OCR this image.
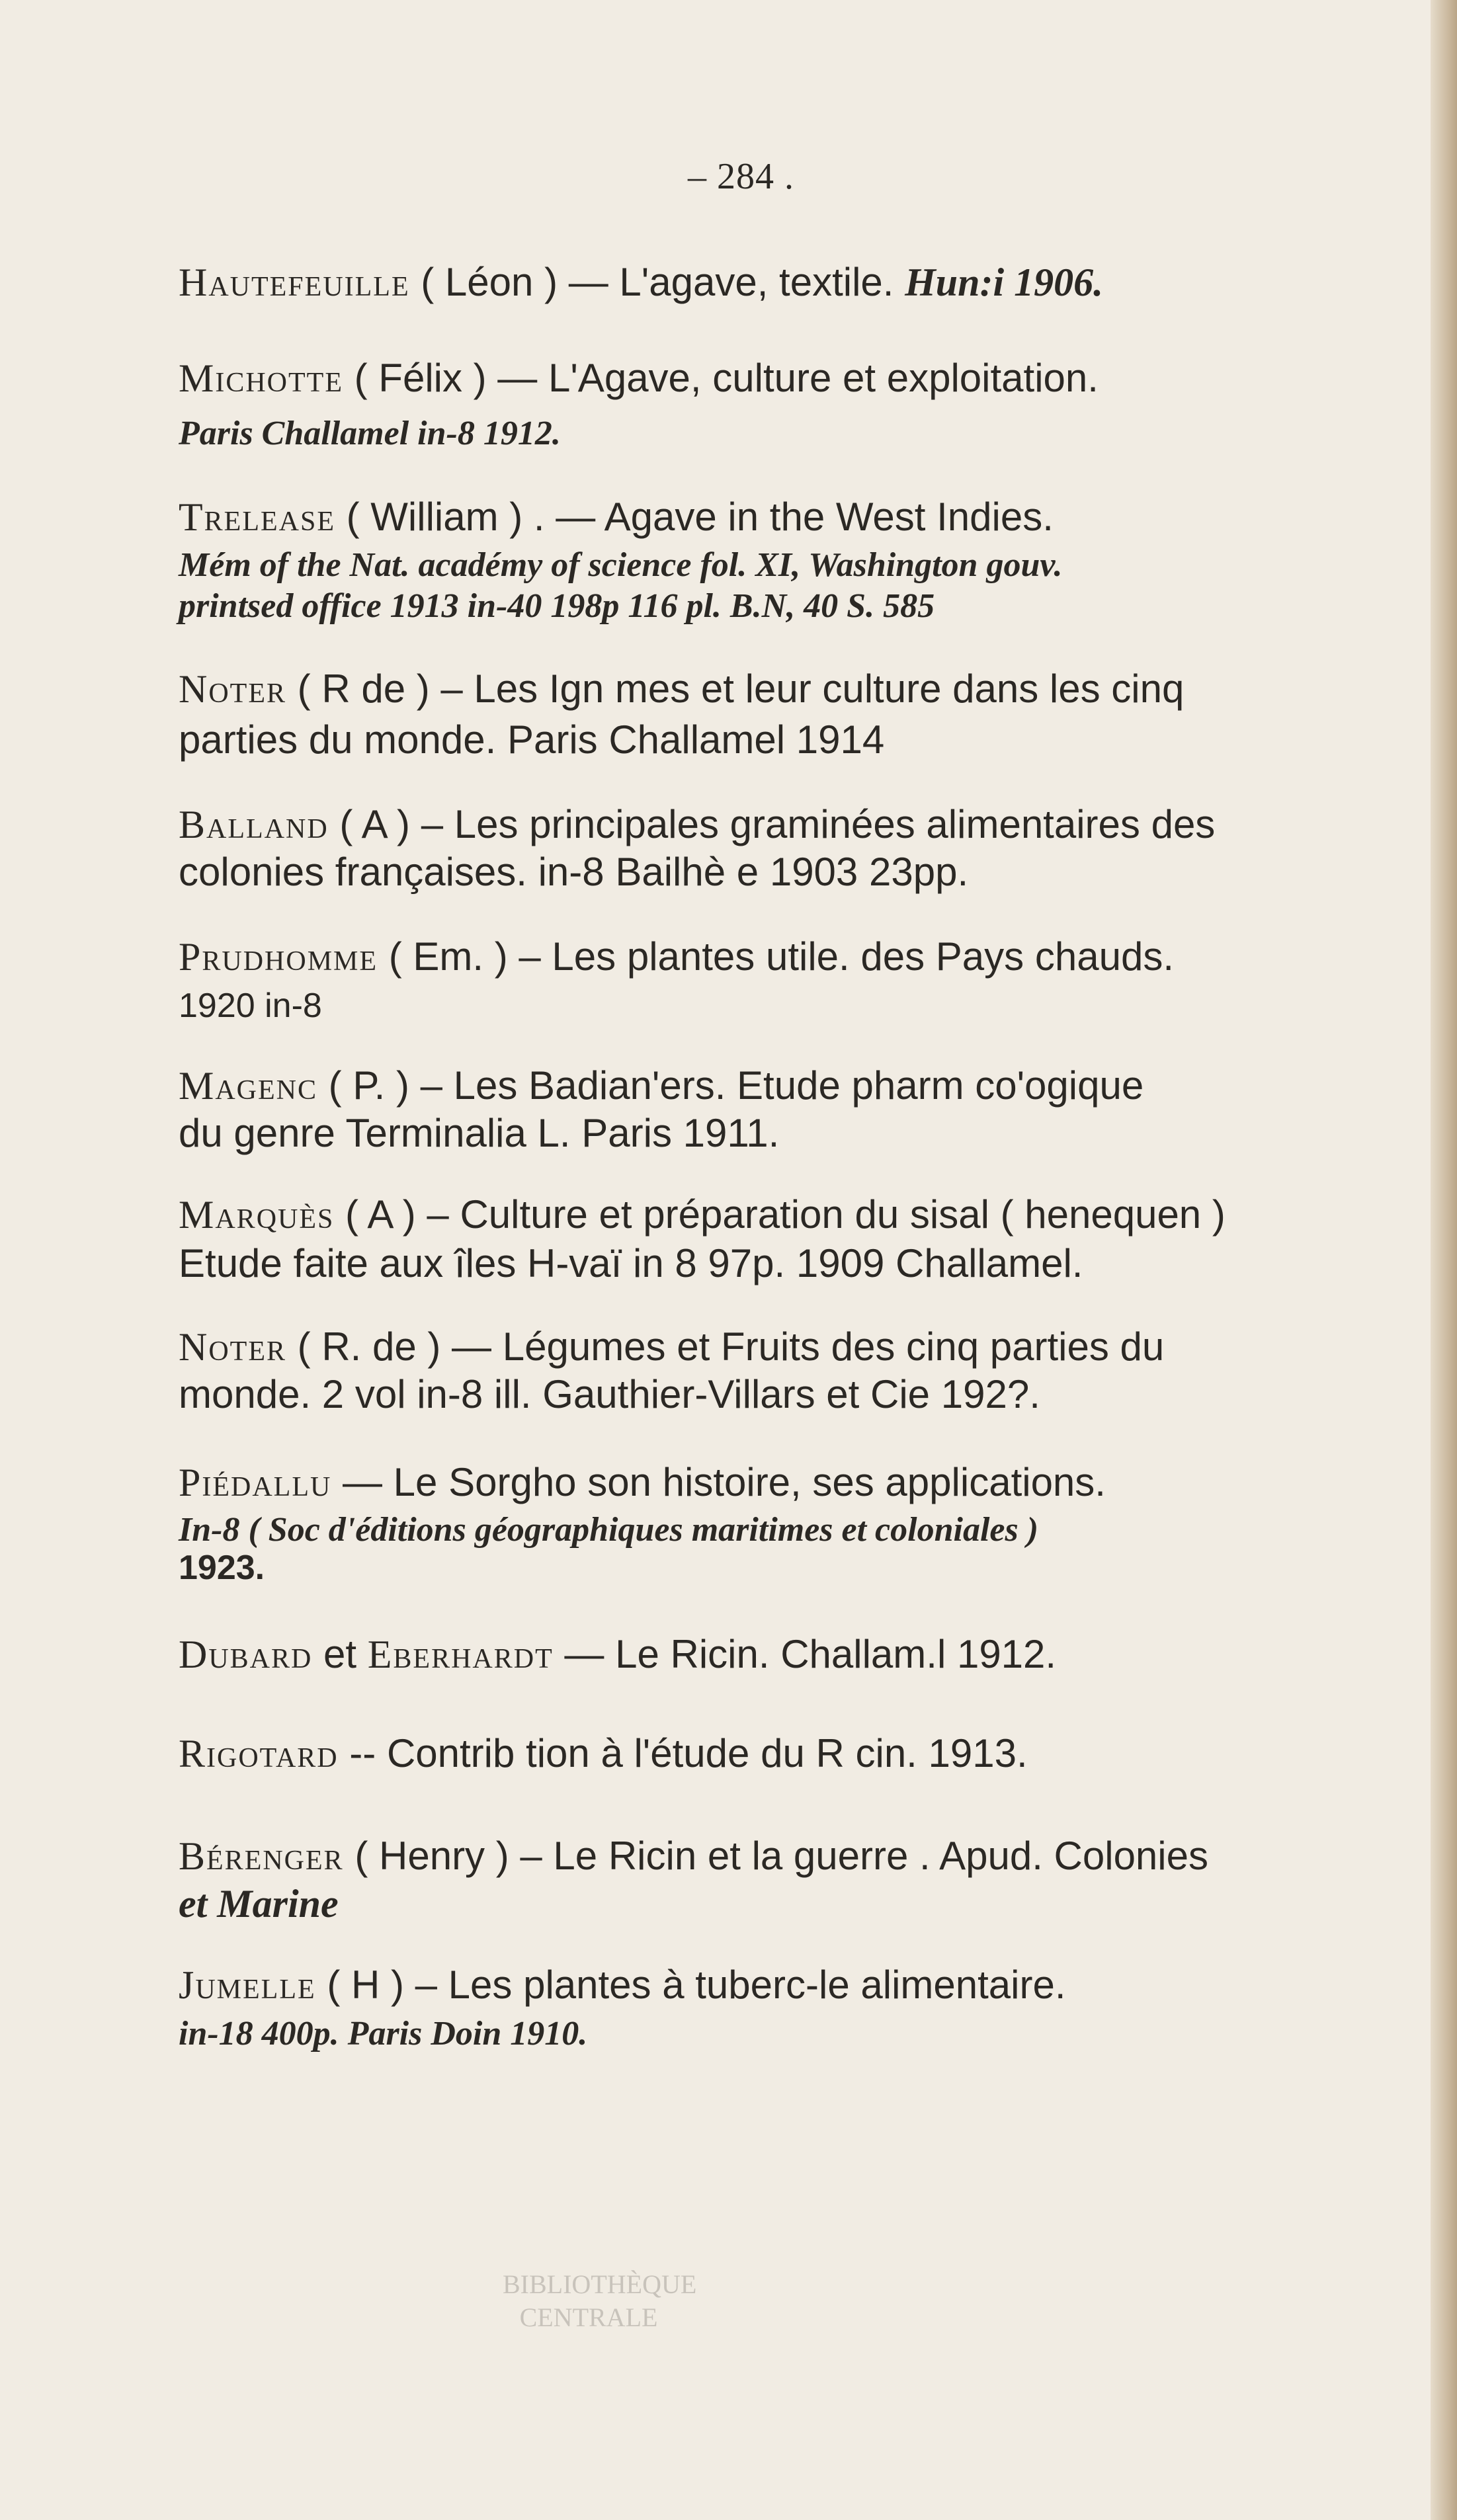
– 284 .
Hautefeuille ( Léon ) — L'agave, textile. Hun:i 1906.
Michotte ( Félix ) — L'Agave, culture et exploitation.
Paris Challamel in-8 1912.
Trelease ( William ) . — Agave in the West Indies.
Mém of the Nat. académy of science fol. XI, Washington gouv.
printsed office 1913 in-40 198p 116 pl. B.N, 40 S. 585
Noter ( R de ) – Les Ign mes et leur culture dans les cinq
parties du monde. Paris Challamel 1914
Balland ( A ) – Les principales graminées alimentaires des
colonies françaises. in-8 Bailhè e 1903 23pp.
Prudhomme ( Em. ) – Les plantes utile. des Pays chauds.
1920 in-8
Magenc ( P. ) – Les Badian'ers. Etude pharm co'ogique
du genre Terminalia L. Paris 1911.
Marquès ( A ) – Culture et préparation du sisal ( henequen )
Etude faite aux îles H-vaï in 8 97p. 1909 Challamel.
Noter ( R. de ) — Légumes et Fruits des cinq parties du
monde. 2 vol in-8 ill. Gauthier-Villars et Cie 192?.
Piédallu — Le Sorgho son histoire, ses applications.
In-8 ( Soc d'éditions géographiques maritimes et coloniales )
1923.
Dubard et Eberhardt — Le Ricin. Challam.l 1912.
Rigotard -- Contrib tion à l'étude du R cin. 1913.
Bérenger ( Henry ) – Le Ricin et la guerre . Apud. Colonies
et Marine
Jumelle ( H ) – Les plantes à tuberc-le alimentaire.
in-18 400p. Paris Doin 1910.
BIBLIOTHÈQUE
CENTRALE
